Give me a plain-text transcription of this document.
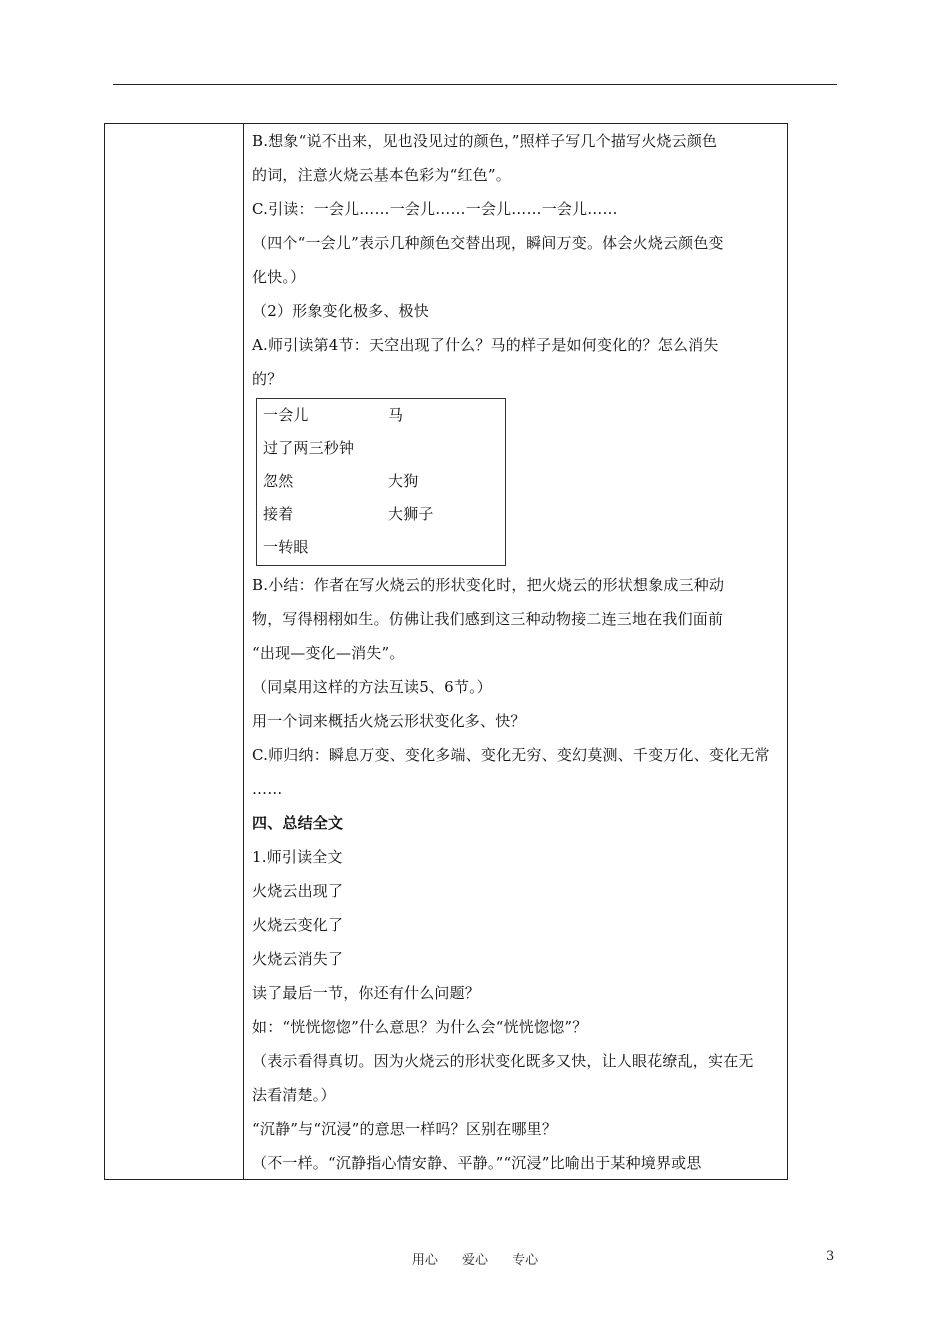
B.想象“说不出来，见也没见过的颜色，”照样子写几个描写火烧云颜色

的词，注意火烧云基本色彩为“红色”。

C.引读：一会儿……一会儿……一会儿……一会儿……

（四个“一会儿”表示几种颜色交替出现，瞬间万变。体会火烧云颜色变

化快。）

（2）形象变化极多、极快

A.师引读第4节：天空出现了什么？马的样子是如何变化的？怎么消失

的？

一会儿	马
过了两三秒钟
忽然	大狗
接着	大狮子
一转眼

B.小结：作者在写火烧云的形状变化时，把火烧云的形状想象成三种动

物，写得栩栩如生。仿佛让我们感到这三种动物接二连三地在我们面前

“出现—变化—消失”。

（同桌用这样的方法互读5、6节。）

用一个词来概括火烧云形状变化多、快？

C.师归纳：瞬息万变、变化多端、变化无穷、变幻莫测、千变万化、变化无常

……

四、总结全文

1.师引读全文

火烧云出现了

火烧云变化了

火烧云消失了

读了最后一节，你还有什么问题？

如：“恍恍惚惚”什么意思？为什么会“恍恍惚惚”？

（表示看得真切。因为火烧云的形状变化既多又快，让人眼花缭乱，实在无

法看清楚。）

“沉静”与“沉浸”的意思一样吗？区别在哪里？

（不一样。“沉静指心情安静、平静。”“沉浸”比喻出于某种境界或思

用心 爱心 专心	3
